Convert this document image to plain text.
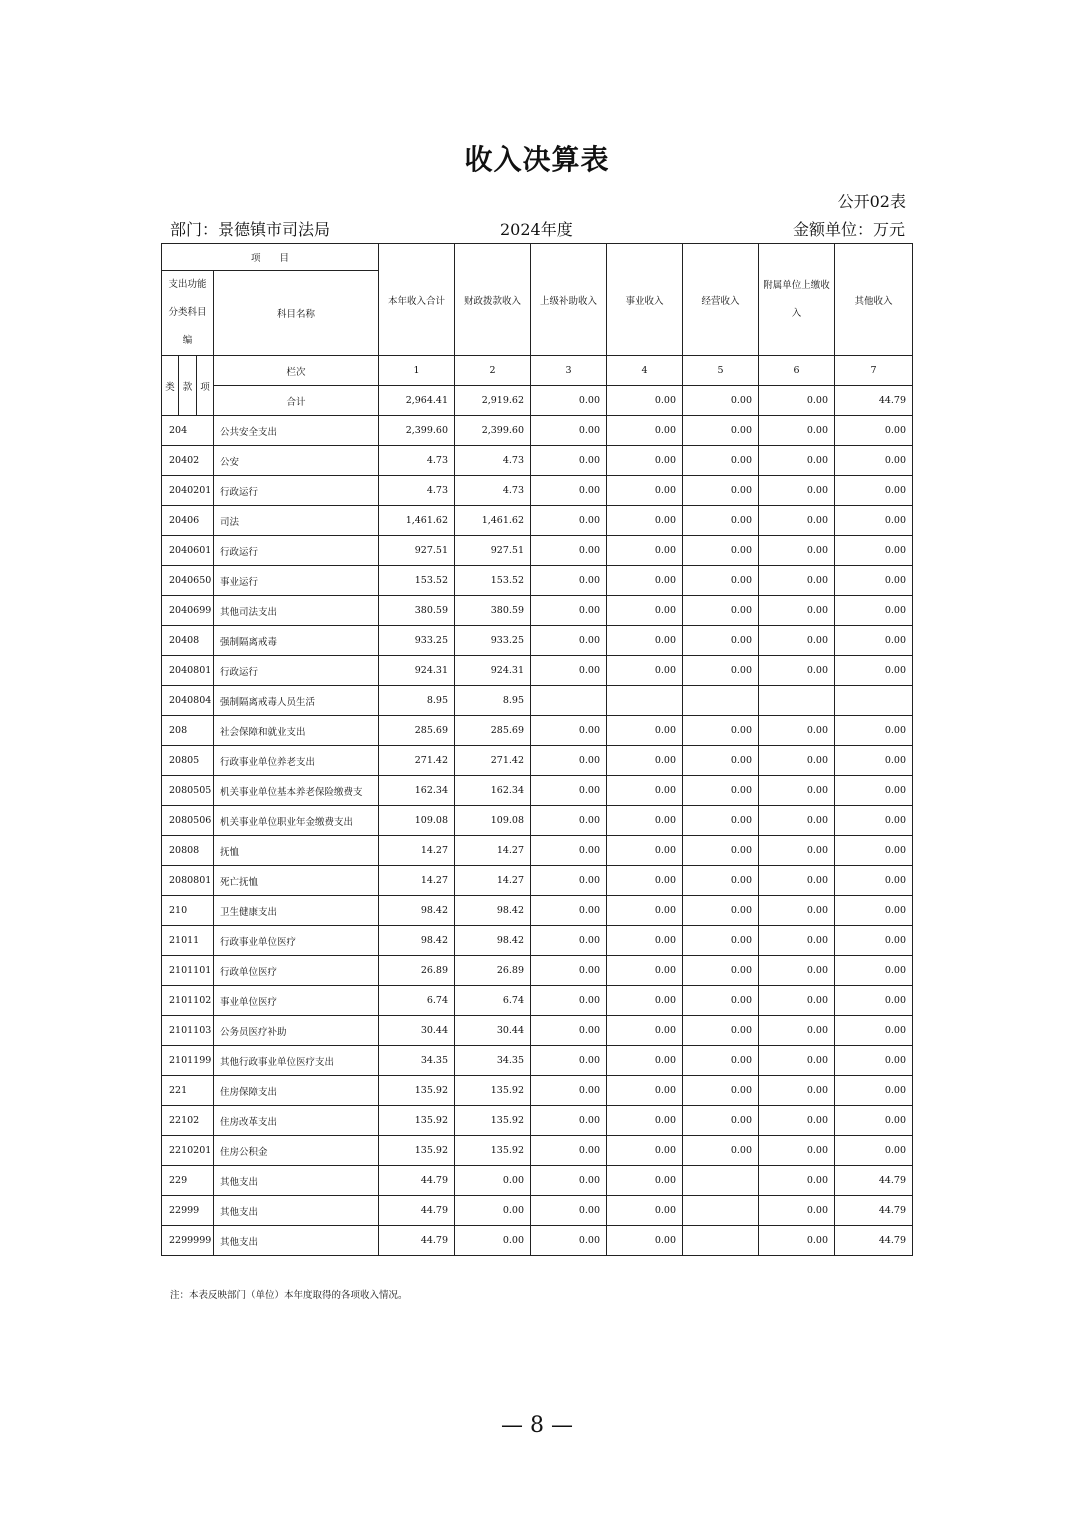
收入决算表
公开02表
部门：景德镇市司法局	2024年度	金额单位：万元
项　　目				本年收入合计	财政拨款收入	上级补助收入	事业收入	经营收入	附属单位上缴收入	其他收入
支出功能分类科目编			科目名称							
类	款	项	栏次	1	2	3	4	5	6	7
			合计	2,964.41	2,919.62	0.00	0.00	0.00	0.00	44.79
204			公共安全支出	2,399.60	2,399.60	0.00	0.00	0.00	0.00	0.00
20402			公安	4.73	4.73	0.00	0.00	0.00	0.00	0.00
2040201			行政运行	4.73	4.73	0.00	0.00	0.00	0.00	0.00
20406			司法	1,461.62	1,461.62	0.00	0.00	0.00	0.00	0.00
2040601			行政运行	927.51	927.51	0.00	0.00	0.00	0.00	0.00
2040650			事业运行	153.52	153.52	0.00	0.00	0.00	0.00	0.00
2040699			其他司法支出	380.59	380.59	0.00	0.00	0.00	0.00	0.00
20408			强制隔离戒毒	933.25	933.25	0.00	0.00	0.00	0.00	0.00
2040801			行政运行	924.31	924.31	0.00	0.00	0.00	0.00	0.00
2040804			强制隔离戒毒人员生活	8.95	8.95					
208			社会保障和就业支出	285.69	285.69	0.00	0.00	0.00	0.00	0.00
20805			行政事业单位养老支出	271.42	271.42	0.00	0.00	0.00	0.00	0.00
2080505			机关事业单位基本养老保险缴费支	162.34	162.34	0.00	0.00	0.00	0.00	0.00
2080506			机关事业单位职业年金缴费支出	109.08	109.08	0.00	0.00	0.00	0.00	0.00
20808			抚恤	14.27	14.27	0.00	0.00	0.00	0.00	0.00
2080801			死亡抚恤	14.27	14.27	0.00	0.00	0.00	0.00	0.00
210			卫生健康支出	98.42	98.42	0.00	0.00	0.00	0.00	0.00
21011			行政事业单位医疗	98.42	98.42	0.00	0.00	0.00	0.00	0.00
2101101			行政单位医疗	26.89	26.89	0.00	0.00	0.00	0.00	0.00
2101102			事业单位医疗	6.74	6.74	0.00	0.00	0.00	0.00	0.00
2101103			公务员医疗补助	30.44	30.44	0.00	0.00	0.00	0.00	0.00
2101199			其他行政事业单位医疗支出	34.35	34.35	0.00	0.00	0.00	0.00	0.00
221			住房保障支出	135.92	135.92	0.00	0.00	0.00	0.00	0.00
22102			住房改革支出	135.92	135.92	0.00	0.00	0.00	0.00	0.00
2210201			住房公积金	135.92	135.92	0.00	0.00	0.00	0.00	0.00
229			其他支出	44.79	0.00	0.00	0.00		0.00	44.79
22999			其他支出	44.79	0.00	0.00	0.00		0.00	44.79
2299999			其他支出	44.79	0.00	0.00	0.00		0.00	44.79
注：本表反映部门（单位）本年度取得的各项收入情况。
— 8 —
